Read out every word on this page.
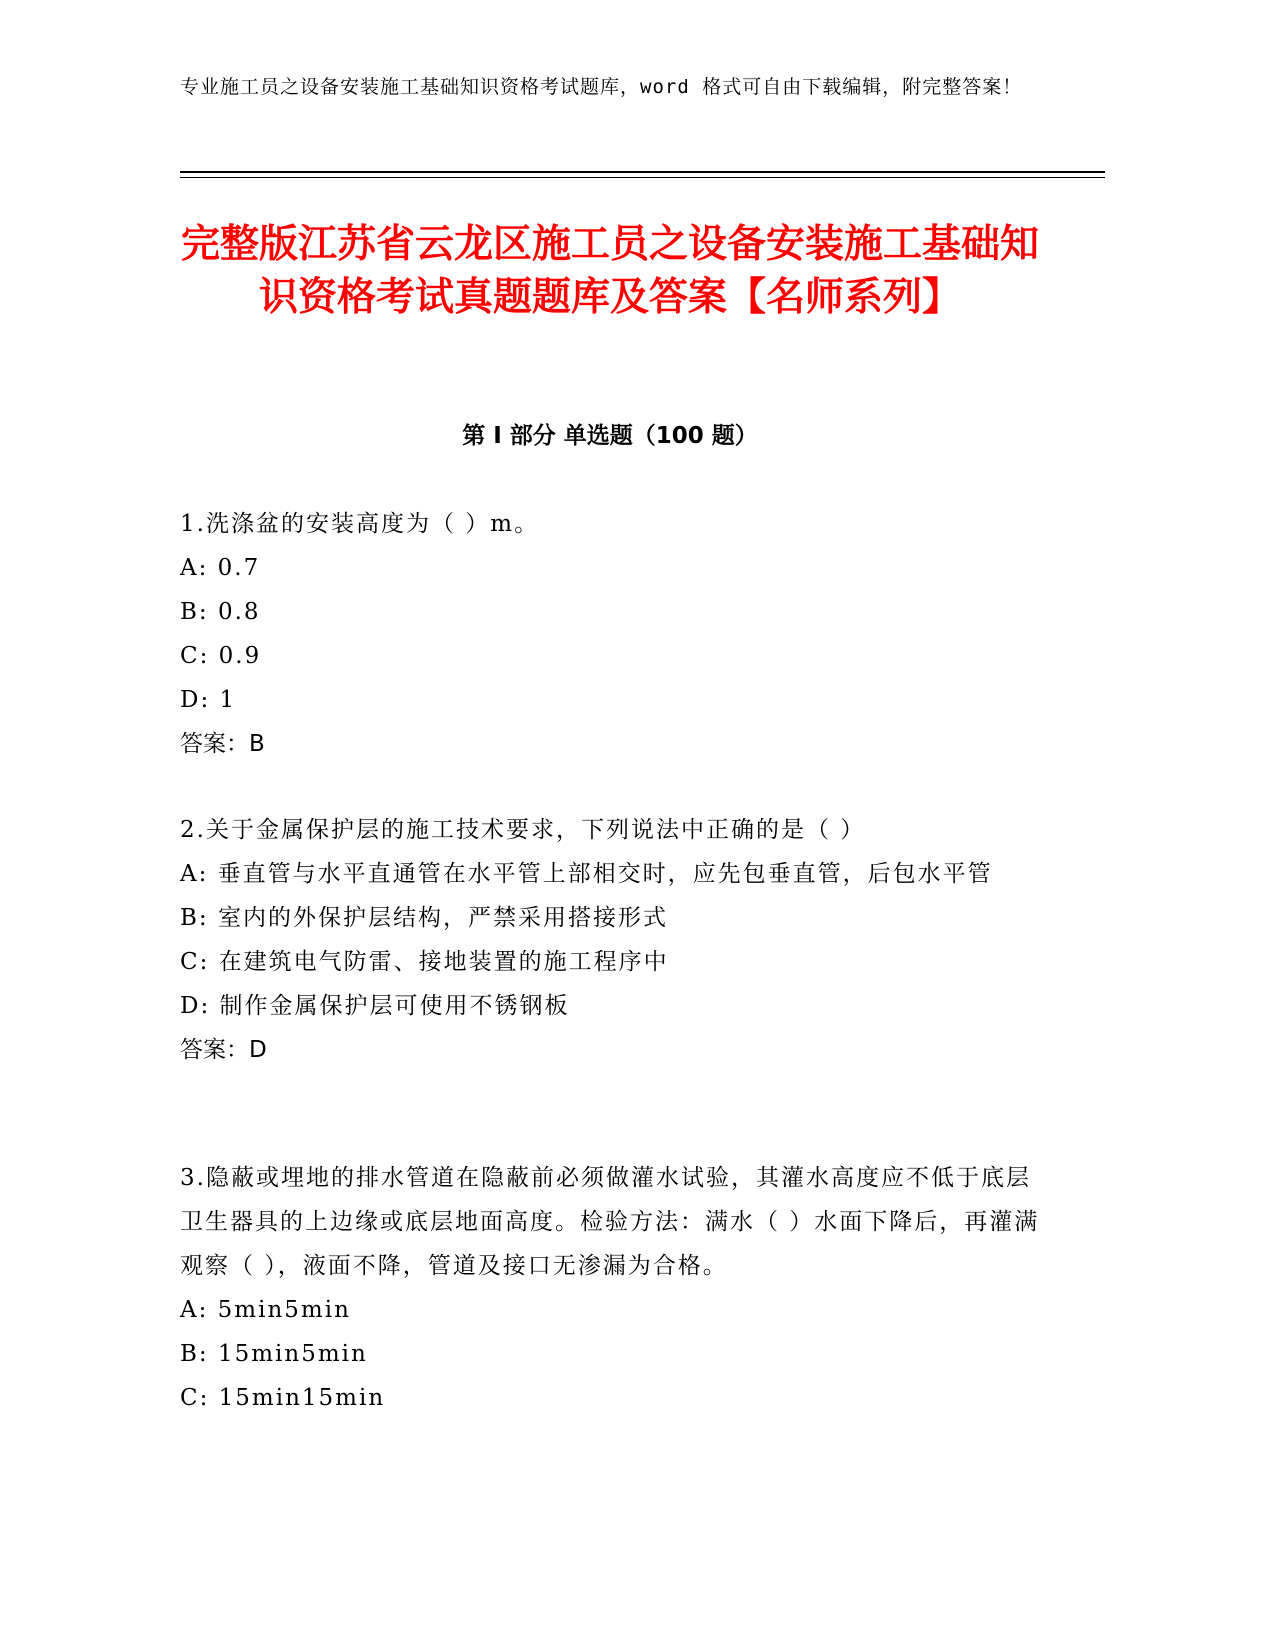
专业施工员之设备安装施工基础知识资格考试题库，word 格式可自由下载编辑，附完整答案！

完整版江苏省云龙区施工员之设备安装施工基础知识资格考试真题题库及答案【名师系列】
第 I 部分 单选题（100 题）

1.洗涤盆的安装高度为（ ）m。

A: 0.7

B: 0.8

C: 0.9

D: 1

答案：B

2.关于金属保护层的施工技术要求，下列说法中正确的是（ ）

A: 垂直管与水平直通管在水平管上部相交时，应先包垂直管，后包水平管

B: 室内的外保护层结构，严禁采用搭接形式

C: 在建筑电气防雷、接地装置的施工程序中

D: 制作金属保护层可使用不锈钢板

答案：D

3.隐蔽或埋地的排水管道在隐蔽前必须做灌水试验，其灌水高度应不低于底层卫生器具的上边缘或底层地面高度。检验方法：满水（ ）水面下降后，再灌满观察（ ），液面不降，管道及接口无渗漏为合格。

A: 5min5min

B: 15min5min

C: 15min15min
